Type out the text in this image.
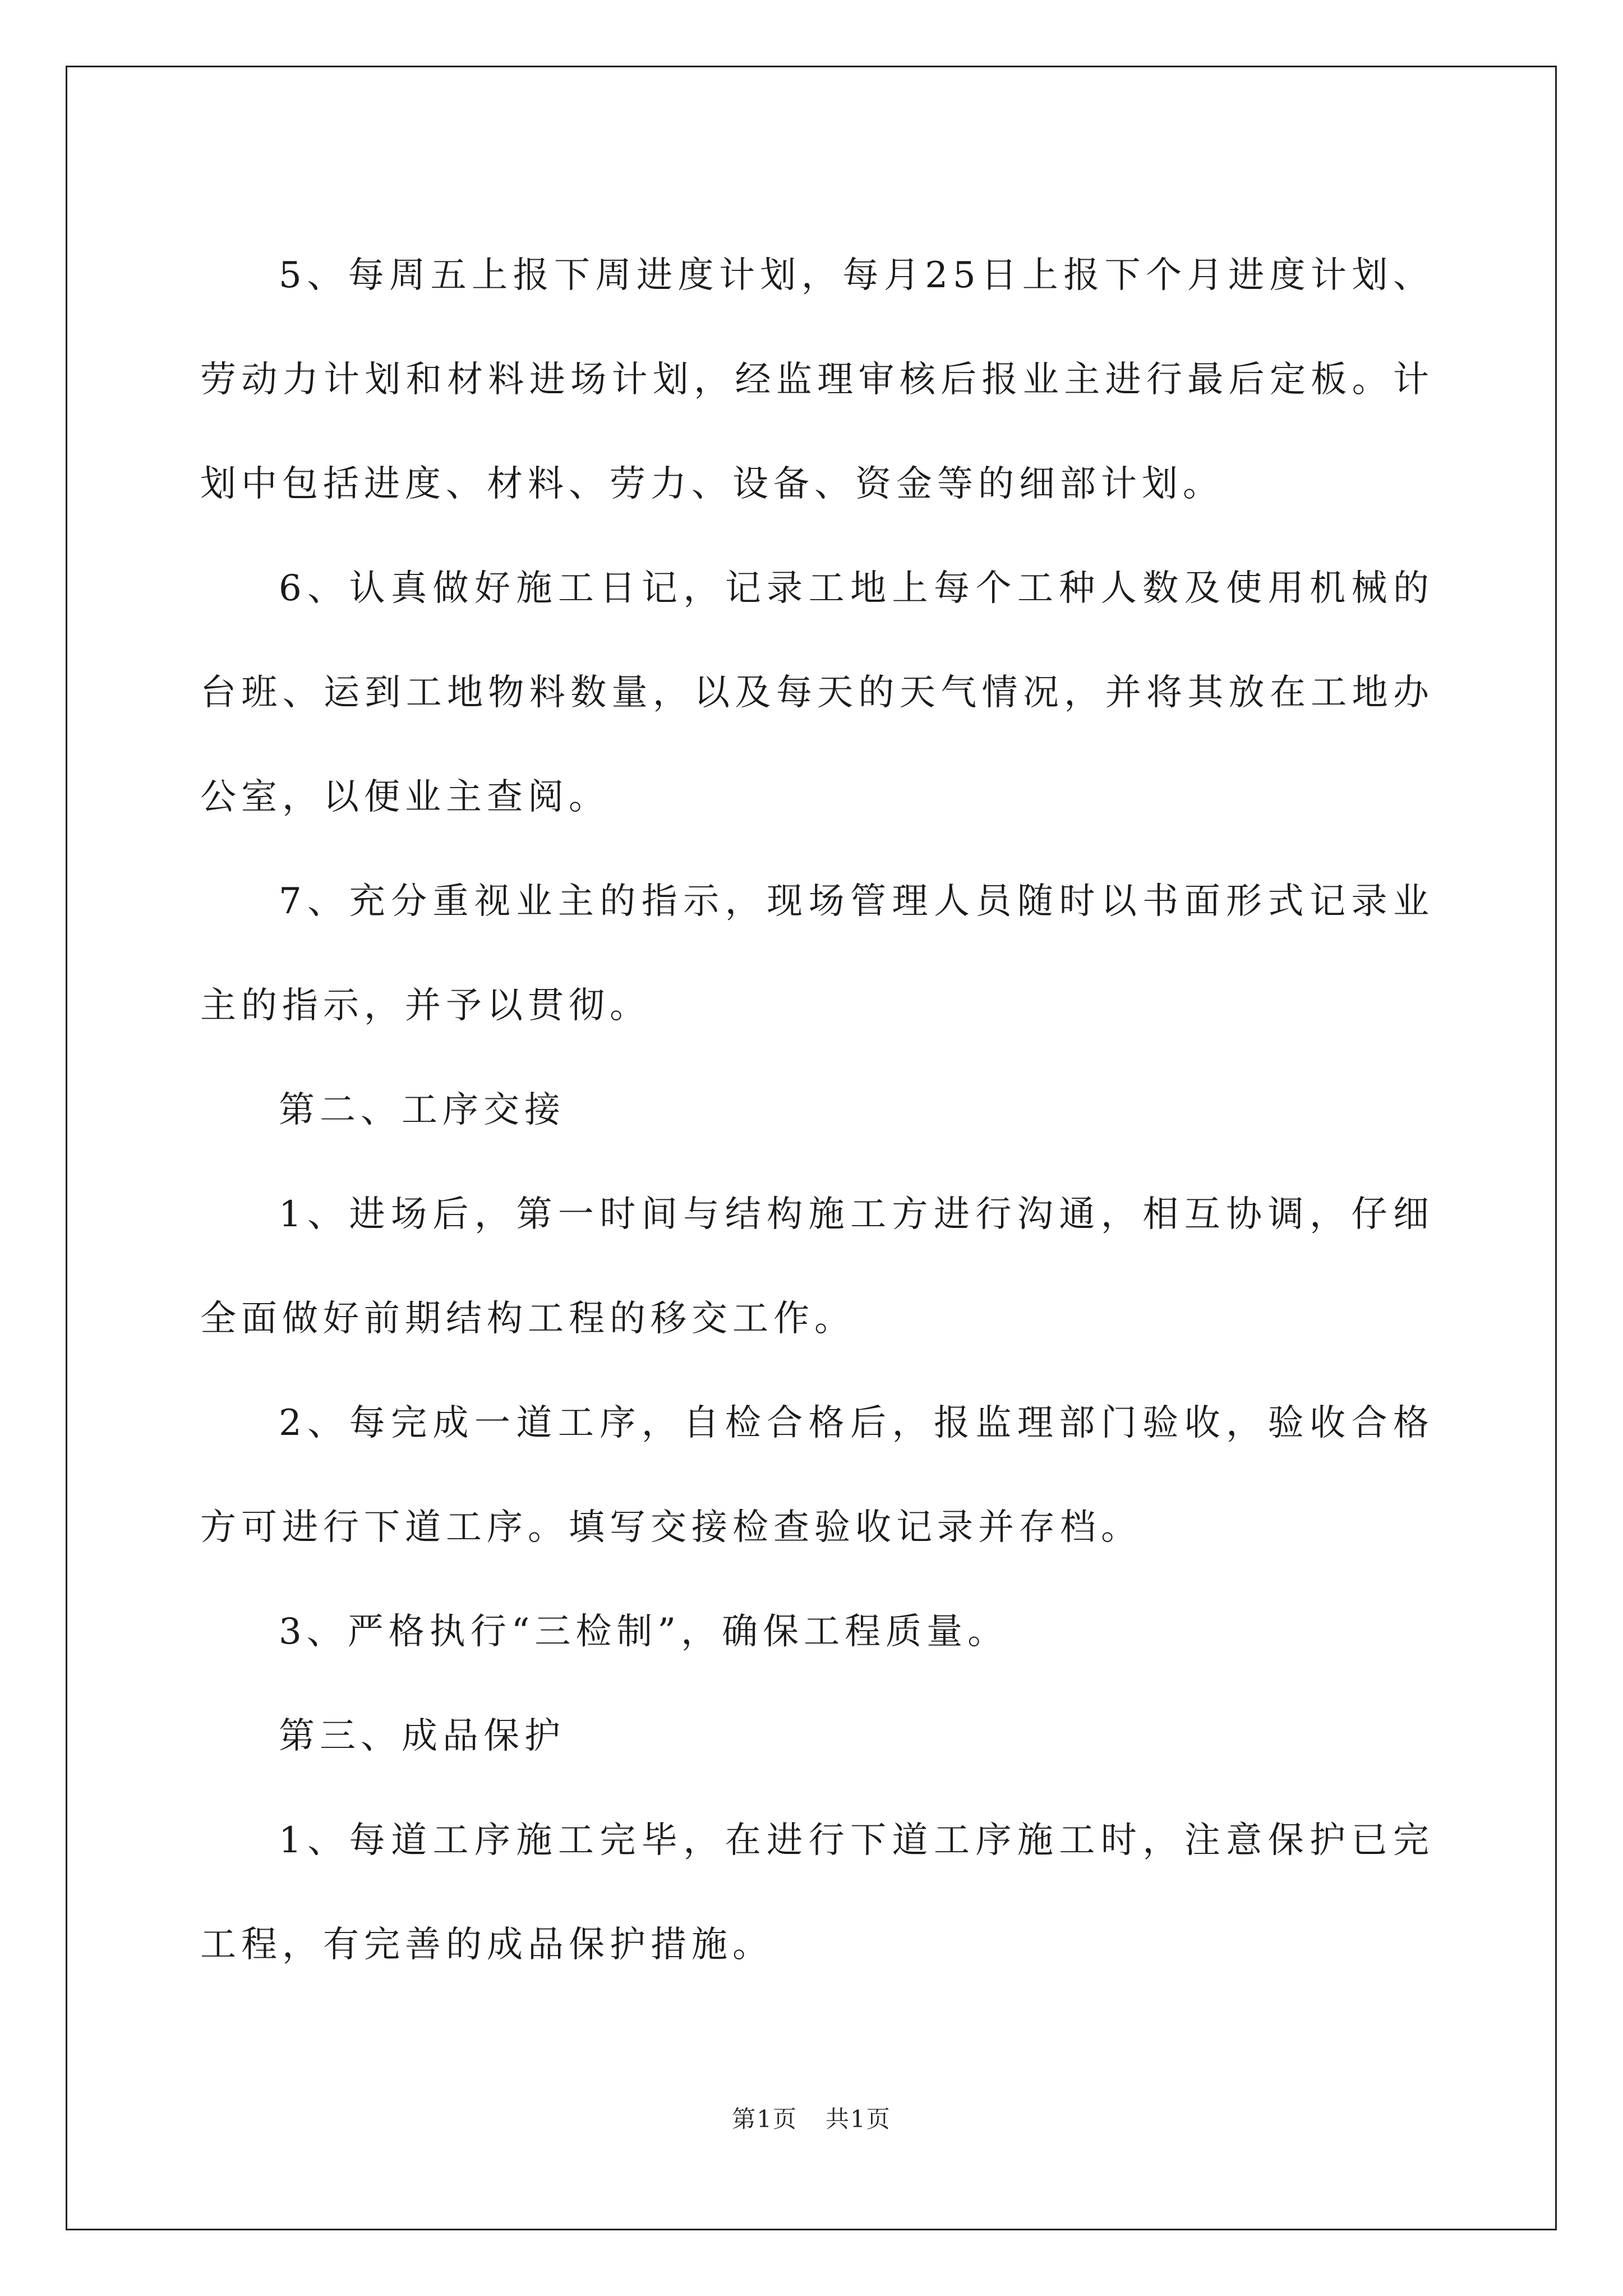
5、每周五上报下周进度计划，每月25日上报下个月进度计划、劳动力计划和材料进场计划，经监理审核后报业主进行最后定板。计划中包括进度、材料、劳力、设备、资金等的细部计划。

6、认真做好施工日记，记录工地上每个工种人数及使用机械的台班、运到工地物料数量，以及每天的天气情况，并将其放在工地办公室，以便业主查阅。

7、充分重视业主的指示，现场管理人员随时以书面形式记录业主的指示，并予以贯彻。

第二、工序交接

1、进场后，第一时间与结构施工方进行沟通，相互协调，仔细全面做好前期结构工程的移交工作。

2、每完成一道工序，自检合格后，报监理部门验收，验收合格方可进行下道工序。填写交接检查验收记录并存档。

3、严格执行“三检制”，确保工程质量。

第三、成品保护

1、每道工序施工完毕，在进行下道工序施工时，注意保护已完工程，有完善的成品保护措施。

第1页 共1页
